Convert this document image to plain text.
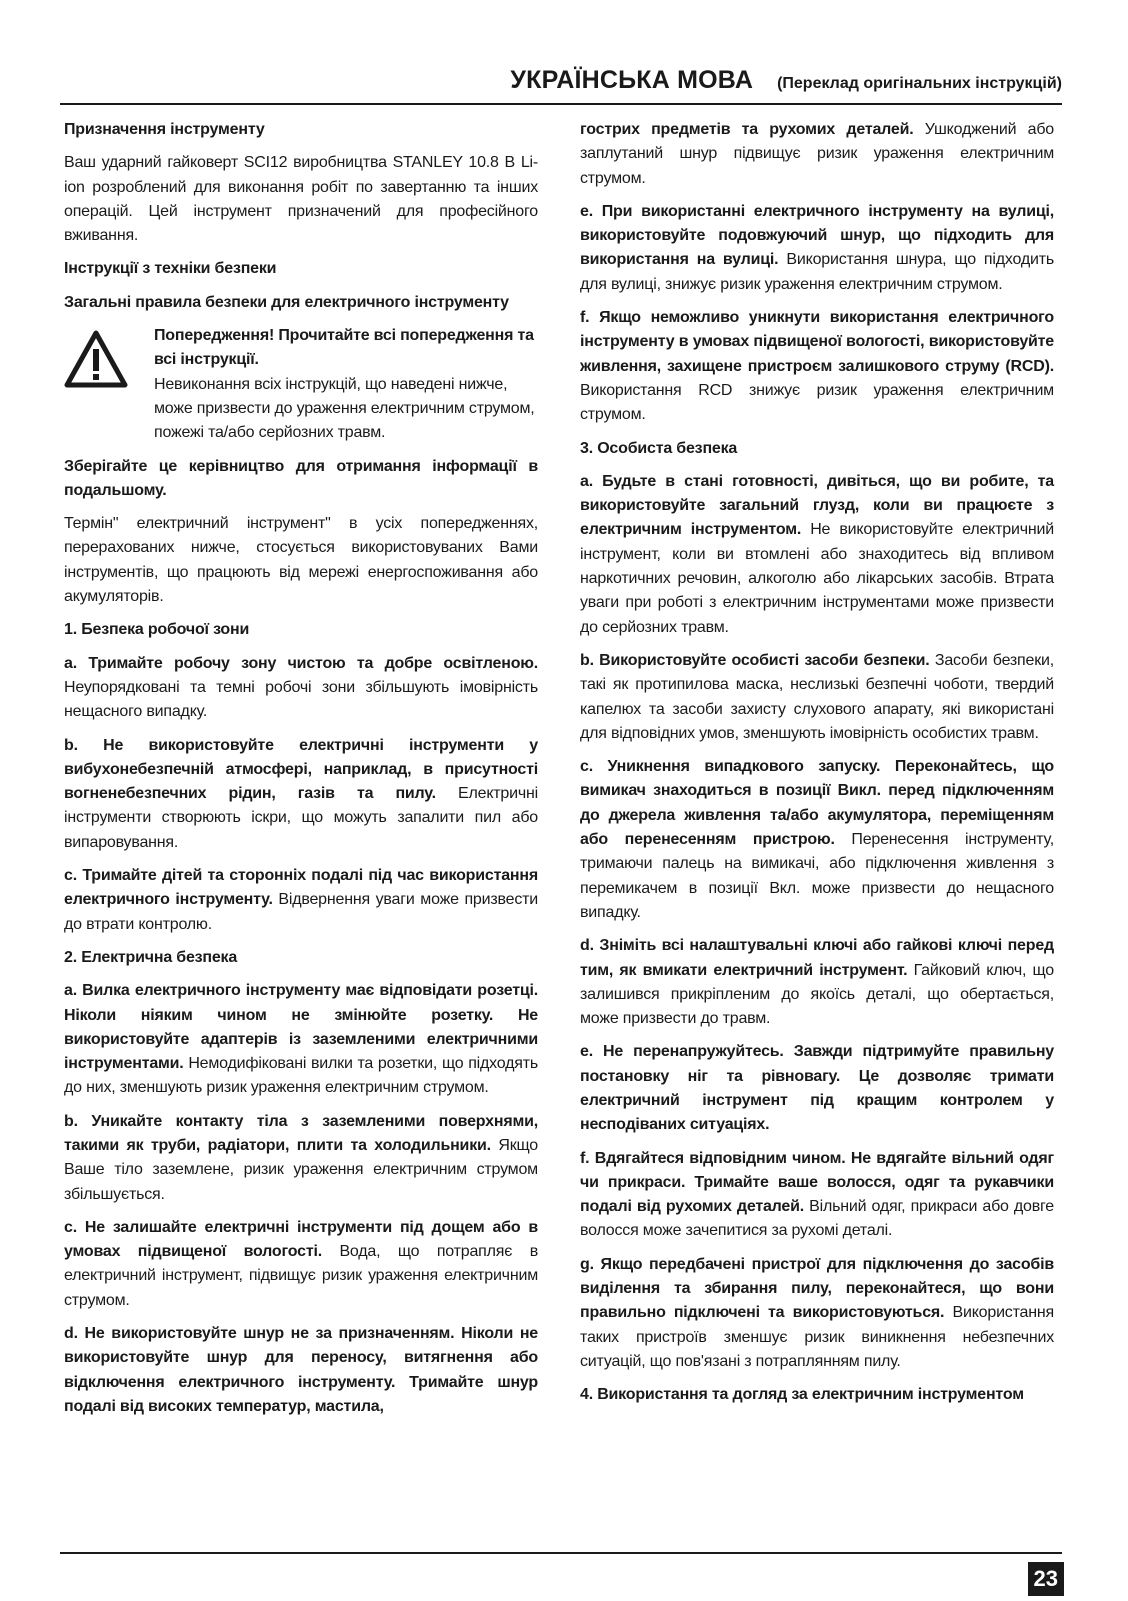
УКРАЇНСЬКА МОВА (Переклад оригінальних інструкцій)

Призначення інструменту

Ваш ударний гайковерт SCI12 виробництва STANLEY 10.8 В Li-ion розроблений для виконання робіт по завертанню та інших операцій. Цей інструмент призначений для професійного вживання.

Інструкції з техніки безпеки

Загальні правила безпеки для електричного інструменту

Попередження! Прочитайте всі попередження та всі інструкції.
Невиконання всіх інструкцій, що наведені нижче, може призвести до ураження електричним струмом, пожежі та/або серйозних травм.

Зберігайте це керівництво для отримання інформації в подальшому.

Термін" електричний інструмент" в усіх попередженнях, перерахованих нижче, стосується використовуваних Вами інструментів, що працюють від мережі енергоспоживання або акумуляторів.

1. Безпека робочої зони

a. Тримайте робочу зону чистою та добре освітленою. Неупорядковані та темні робочі зони збільшують імовірність нещасного випадку.

b. Не використовуйте електричні інструменти у вибухонебезпечній атмосфері, наприклад, в присутності вогненебезпечних рідин, газів та пилу. Електричні інструменти створюють іскри, що можуть запалити пил або випаровування.

c. Тримайте дітей та сторонніх подалі під час використання електричного інструменту. Відвернення уваги може призвести до втрати контролю.

2. Електрична безпека

a. Вилка електричного інструменту має відповідати розетці. Ніколи ніяким чином не змінюйте розетку. Не використовуйте адаптерів із заземленими електричними інструментами. Немодифіковані вилки та розетки, що підходять до них, зменшують ризик ураження електричним струмом.

b. Уникайте контакту тіла з заземленими поверхнями, такими як труби, радіатори, плити та холодильники. Якщо Ваше тіло заземлене, ризик ураження електричним струмом збільшується.

c. Не залишайте електричні інструменти під дощем або в умовах підвищеної вологості. Вода, що потрапляє в електричний інструмент, підвищує ризик ураження електричним струмом.

d. Не використовуйте шнур не за призначенням. Ніколи не використовуйте шнур для переносу, витягнення або відключення електричного інструменту. Тримайте шнур подалі від високих температур, мастила,

гострих предметів та рухомих деталей. Ушкоджений або заплутаний шнур підвищує ризик ураження електричним струмом.

e. При використанні електричного інструменту на вулиці, використовуйте подовжуючий шнур, що підходить для використання на вулиці. Використання шнура, що підходить для вулиці, знижує ризик ураження електричним струмом.

f. Якщо неможливо уникнути використання електричного інструменту в умовах підвищеної вологості, використовуйте живлення, захищене пристроєм залишкового струму (RCD). Використання RCD знижує ризик ураження електричним струмом.

3. Особиста безпека

a. Будьте в стані готовності, дивіться, що ви робите, та використовуйте загальний глузд, коли ви працюєте з електричним інструментом. Не використовуйте електричний інструмент, коли ви втомлені або знаходитесь від впливом наркотичних речовин, алкоголю або лікарських засобів. Втрата уваги при роботі з електричним інструментами може призвести до серйозних травм.

b. Використовуйте особисті засоби безпеки. Засоби безпеки, такі як протипилова маска, неслизькі безпечні чоботи, твердий капелюх та засоби захисту слухового апарату, які використані для відповідних умов, зменшують імовірність особистих травм.

c. Уникнення випадкового запуску. Переконайтесь, що вимикач знаходиться в позиції Викл. перед підключенням до джерела живлення та/або акумулятора, переміщенням або перенесенням пристрою. Перенесення інструменту, тримаючи палець на вимикачі, або підключення живлення з перемикачем в позиції Вкл. може призвести до нещасного випадку.

d. Зніміть всі налаштувальні ключі або гайкові ключі перед тим, як вмикати електричний інструмент. Гайковий ключ, що залишився прикріпленим до якоїсь деталі, що обертається, може призвести до травм.

e. Не перенапружуйтесь. Завжди підтримуйте правильну постановку ніг та рівновагу. Це дозволяє тримати електричний інструмент під кращим контролем у несподіваних ситуаціях.

f. Вдягайтеся відповідним чином. Не вдягайте вільний одяг чи прикраси. Тримайте ваше волосся, одяг та рукавчики подалі від рухомих деталей. Вільний одяг, прикраси або довге волосся може зачепитися за рухомі деталі.

g. Якщо передбачені пристрої для підключення до засобів виділення та збирання пилу, переконайтеся, що вони правильно підключені та використовуються. Використання таких пристроїв зменшує ризик виникнення небезпечних ситуацій, що пов'язані з потраплянням пилу.

4. Використання та догляд за електричним інструментом

23
